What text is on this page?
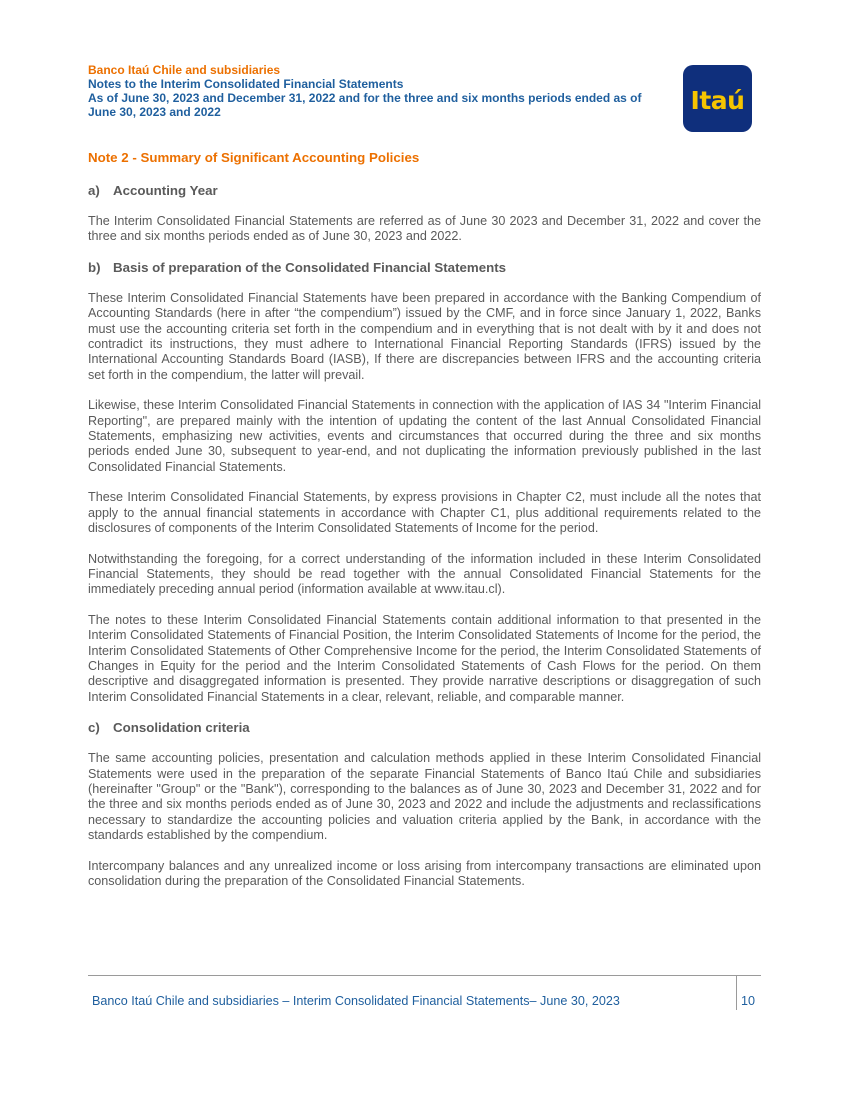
Banco Itaú Chile and subsidiaries
Notes to the Interim Consolidated Financial Statements
As of June 30, 2023 and December 31, 2022 and for the three and six months periods ended as of
June 30, 2023 and 2022	Itaú
Note 2 - Summary of Significant Accounting Policies
a) Accounting Year

The Interim Consolidated Financial Statements are referred as of June 30 2023 and December 31, 2022 and cover the three and six months periods ended as of June 30, 2023 and 2022.

b) Basis of preparation of the Consolidated Financial Statements

These Interim Consolidated Financial Statements have been prepared in accordance with the Banking Compendium of Accounting Standards (here in after “the compendium”) issued by the CMF, and in force since January 1, 2022, Banks must use the accounting criteria set forth in the compendium and in everything that is not dealt with by it and does not contradict its instructions, they must adhere to International Financial Reporting Standards (IFRS) issued by the International Accounting Standards Board (IASB), If there are discrepancies between IFRS and the accounting criteria set forth in the compendium, the latter will prevail.

Likewise, these Interim Consolidated Financial Statements in connection with the application of IAS 34 "Interim Financial Reporting", are prepared mainly with the intention of updating the content of the last Annual Consolidated Financial Statements, emphasizing new activities, events and circumstances that occurred during the three and six months periods ended June 30, subsequent to year-end, and not duplicating the information previously published in the last Consolidated Financial Statements.

These Interim Consolidated Financial Statements, by express provisions in Chapter C2, must include all the notes that apply to the annual financial statements in accordance with Chapter C1, plus additional requirements related to the disclosures of components of the Interim Consolidated Statements of Income for the period.

Notwithstanding the foregoing, for a correct understanding of the information included in these Interim Consolidated Financial Statements, they should be read together with the annual Consolidated Financial Statements for the immediately preceding annual period (information available at www.itau.cl).

The notes to these Interim Consolidated Financial Statements contain additional information to that presented in the Interim Consolidated Statements of Financial Position, the Interim Consolidated Statements of Income for the period, the Interim Consolidated Statements of Other Comprehensive Income for the period, the Interim Consolidated Statements of Changes in Equity for the period and the Interim Consolidated Statements of Cash Flows for the period. On them descriptive and disaggregated information is presented. They provide narrative descriptions or disaggregation of such Interim Consolidated Financial Statements in a clear, relevant, reliable, and comparable manner.

c) Consolidation criteria

The same accounting policies, presentation and calculation methods applied in these Interim Consolidated Financial Statements were used in the preparation of the separate Financial Statements of Banco Itaú Chile and subsidiaries (hereinafter "Group" or the "Bank"), corresponding to the balances as of June 30, 2023 and December 31, 2022 and for the three and six months periods ended as of June 30, 2023 and 2022 and include the adjustments and reclassifications necessary to standardize the accounting policies and valuation criteria applied by the Bank, in accordance with the standards established by the compendium.

Intercompany balances and any unrealized income or loss arising from intercompany transactions are eliminated upon consolidation during the preparation of the Consolidated Financial Statements.

Banco Itaú Chile and subsidiaries – Interim Consolidated Financial Statements– June 30, 2023	10
